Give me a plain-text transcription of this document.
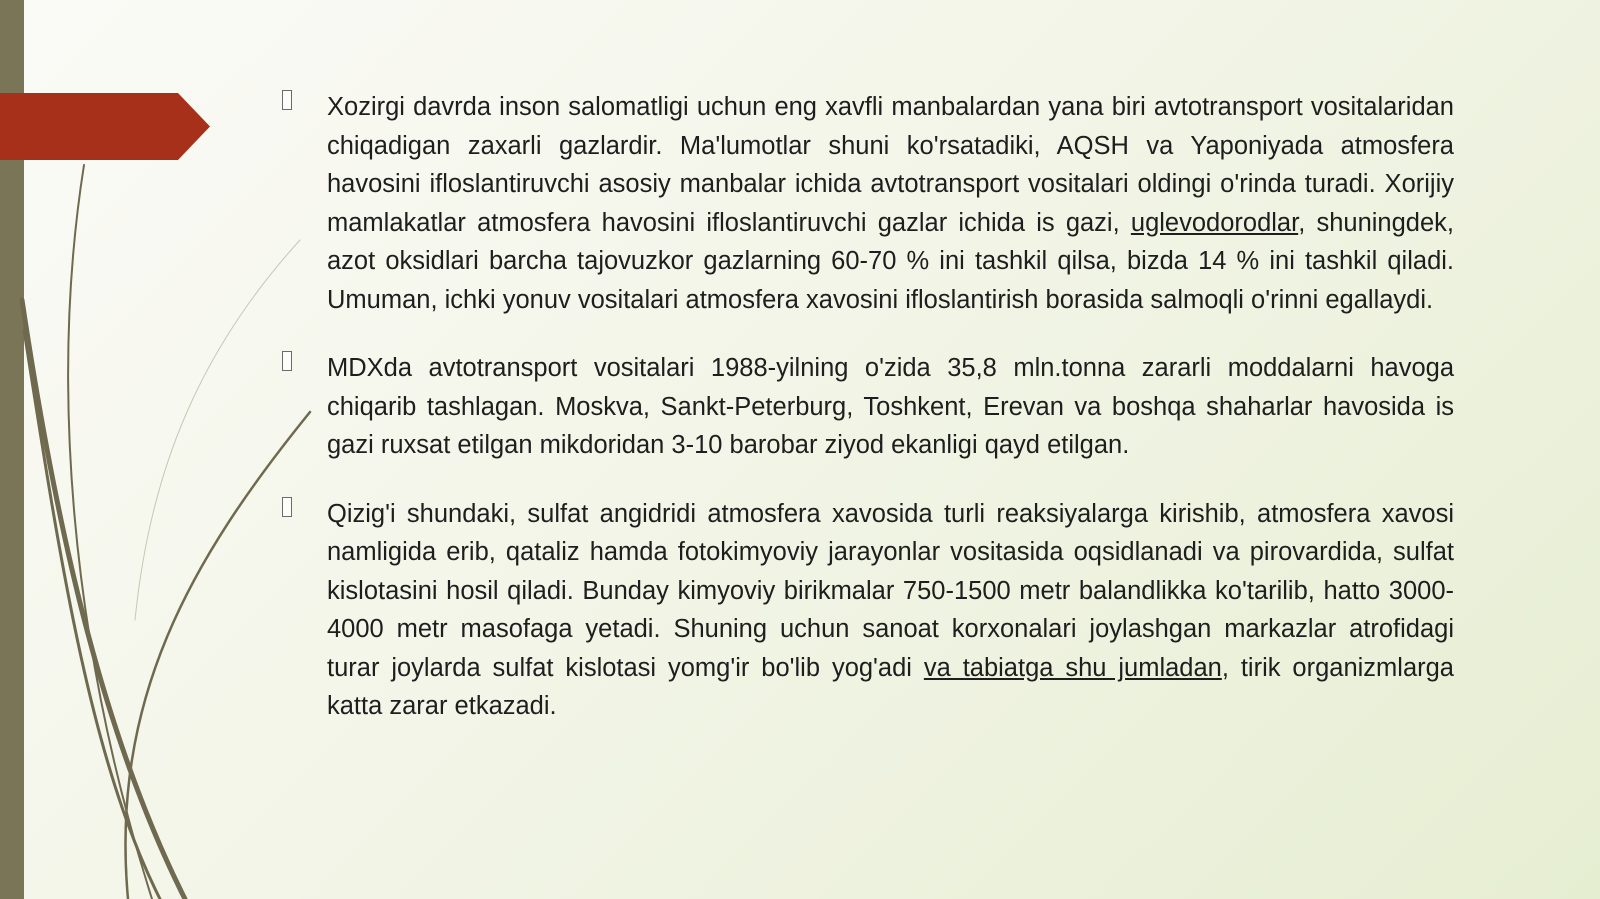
Xozirgi davrda inson salomatligi uchun eng xavfli manbalardan yana biri avtotransport vositalaridan chiqadigan zaxarli gazlardir. Ma'lumotlar shuni ko'rsatadiki, AQSH va Yaponiyada atmosfera havosini ifloslantiruvchi asosiy manbalar ichida avtotransport vositalari oldingi o'rinda turadi. Xorijiy mamlakatlar atmosfera havosini ifloslantiruvchi gazlar ichida is gazi, uglevodorodlar, shuningdek, azot oksidlari barcha tajovuzkor gazlarning 60-70 % ini tashkil qilsa, bizda 14 % ini tashkil qiladi. Umuman, ichki yonuv vositalari atmosfera xavosini ifloslantirish borasida salmoqli o'rinni egallaydi.

MDXda avtotransport vositalari 1988-yilning o'zida 35,8 mln.tonna zararli moddalarni havoga chiqarib tashlagan. Moskva, Sankt-Peterburg, Toshkent, Erevan va boshqa shaharlar havosida is gazi ruxsat etilgan mikdoridan 3-10 barobar ziyod ekanligi qayd etilgan.

Qizig'i shundaki, sulfat angidridi atmosfera xavosida turli reaksiyalarga kirishib, atmosfera xavosi namligida erib, qataliz hamda fotokimyoviy jarayonlar vositasida oqsidlanadi va pirovardida, sulfat kislotasini hosil qiladi. Bunday kimyoviy birikmalar 750-1500 metr balandlikka ko'tarilib, hatto 3000-4000 metr masofaga yetadi. Shuning uchun sanoat korxonalari joylashgan markazlar atrofidagi turar joylarda sulfat kislotasi yomg'ir bo'lib yog'adi va tabiatga shu jumladan, tirik organizmlarga katta zarar etkazadi.
